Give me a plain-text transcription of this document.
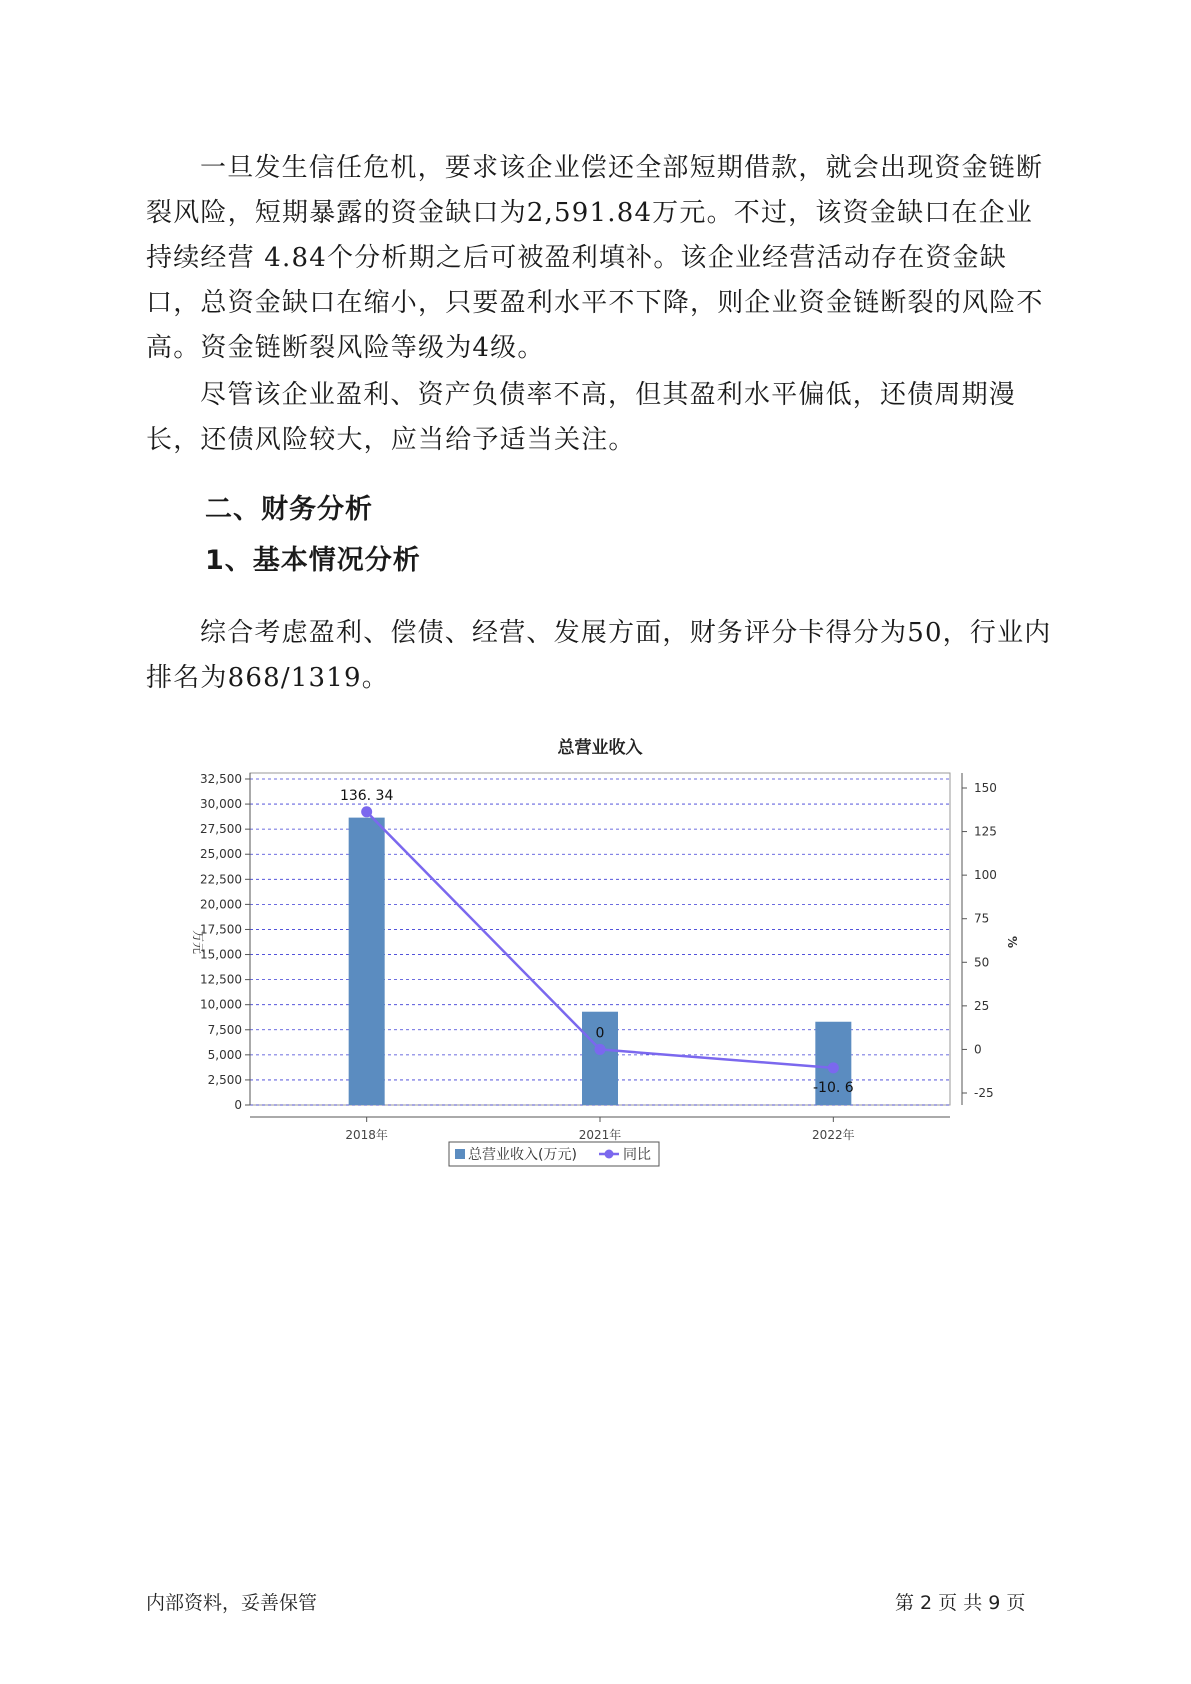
一旦发生信任危机，要求该企业偿还全部短期借款，就会出现资金链断裂风险，短期暴露的资金缺口为2,591.84万元。不过，该资金缺口在企业持续经营 4.84个分析期之后可被盈利填补。该企业经营活动存在资金缺口，总资金缺口在缩小，只要盈利水平不下降，则企业资金链断裂的风险不高。资金链断裂风险等级为4级。

尽管该企业盈利、资产负债率不高，但其盈利水平偏低，还债周期漫长，还债风险较大，应当给予适当关注。

二、财务分析
1、基本情况分析

综合考虑盈利、偿债、经营、发展方面，财务评分卡得分为50，行业内排名为868/1319。

总营业收入
0
2,500
5,000
7,500
10,000
12,500
15,000
17,500
20,000
22,500
25,000
27,500
30,000
32,500
万元
-25
0
25
50
75
100
125
150
%
2018年	2021年	2022年
136. 34
0
-10. 6
总营业收入(万元)	同比
内部资料，妥善保管	第 2 页 共 9 页
